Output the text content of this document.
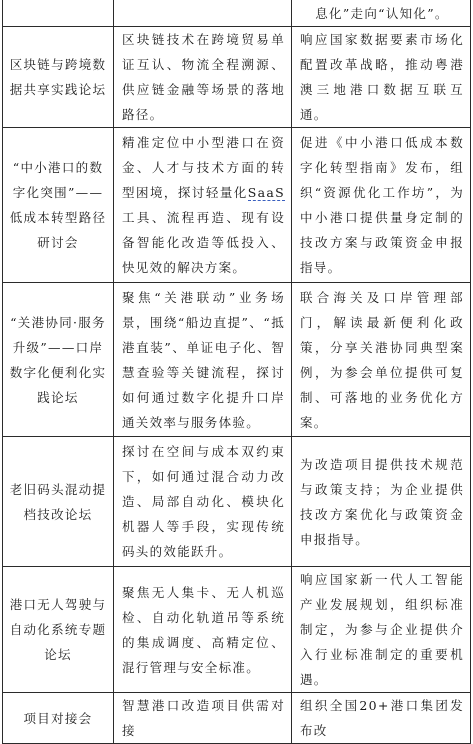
		息化”走向“认知化”。

区块链与跨境数据共享实践论坛	区块链技术在跨境贸易单证互认、物流全程溯源、供应链金融等场景的落地路径。	响应国家数据要素市场化配置改革战略，推动粤港澳三地港口数据互联互通。

“中小港口的数字化突围”——低成本转型路径研讨会	精准定位中小型港口在资金、人才与技术方面的转型困境，探讨轻量化SaaS工具、流程再造、现有设备智能化改造等低投入、快见效的解决方案。	促进《中小港口低成本数字化转型指南》发布，组织“资源优化工作坊”，为中小港口提供量身定制的技改方案与政策资金申报指导。

“关港协同·服务升级”——口岸数字化便利化实践论坛	聚焦“关港联动”业务场景，围绕“船边直提”、“抵港直装”、单证电子化、智慧查验等关键流程，探讨如何通过数字化提升口岸通关效率与服务体验。	联合海关及口岸管理部门，解读最新便利化政策，分享关港协同典型案例，为参会单位提供可复制、可落地的业务优化方案。

老旧码头混动提档技改论坛	探讨在空间与成本双约束下，如何通过混合动力改造、局部自动化、模块化机器人等手段，实现传统码头的效能跃升。	为改造项目提供技术规范与政策支持；为企业提供技改方案优化与政策资金申报指导。

港口无人驾驶与自动化系统专题论坛	聚焦无人集卡、无人机巡检、自动化轨道吊等系统的集成调度、高精定位、混行管理与安全标准。	响应国家新一代人工智能产业发展规划，组织标准制定，为参与企业提供介入行业标准制定的重要机遇。

项目对接会	智慧港口改造项目供需对接	组织全国20+港口集团发布改
